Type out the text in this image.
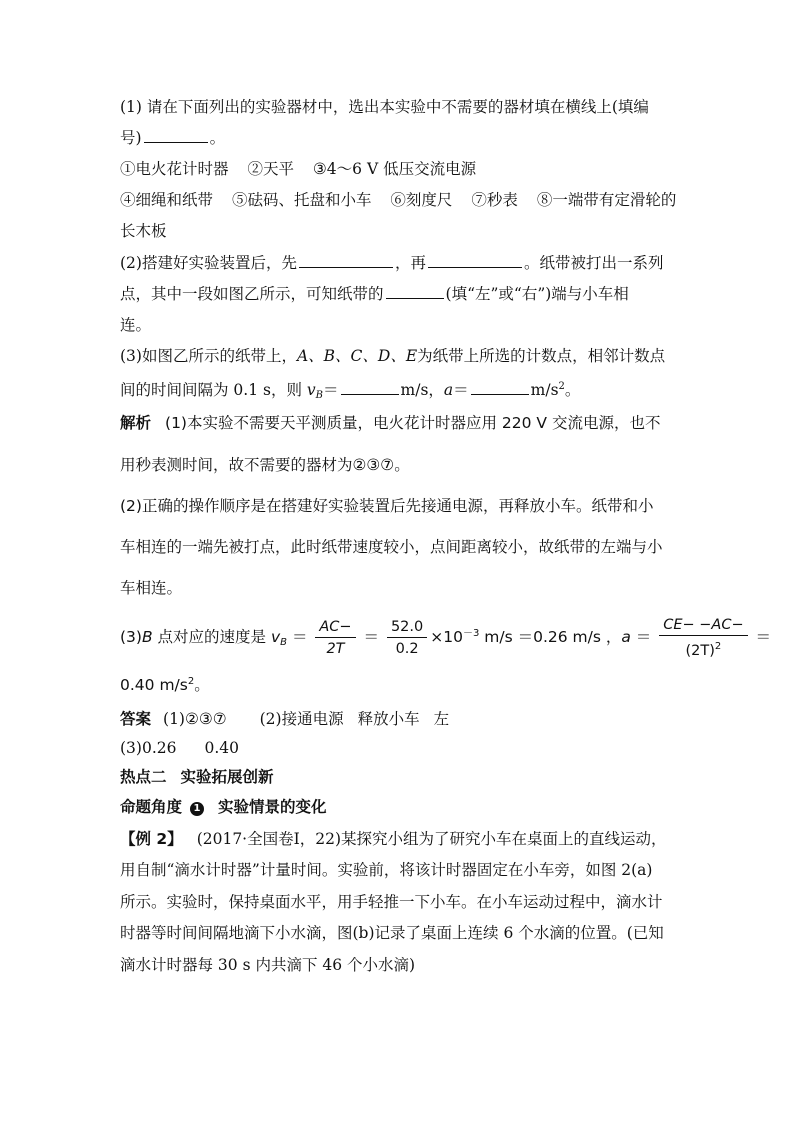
(1) 请在下面列出的实验器材中，选出本实验中不需要的器材填在横线上(填编
号)	。
①电火花计时器 ②天平 ③4～6 V 低压交流电源
④细绳和纸带 ⑤砝码、托盘和小车 ⑥刻度尺 ⑦秒表 ⑧一端带有定滑轮的
长木板
(2)搭建好实验装置后，先	，再	。纸带被打出一系列
点，其中一段如图乙所示，可知纸带的	(填“左”或“右”)端与小车相
连。
(3)如图乙所示的纸带上，A、B、C、D、E为纸带上所选的计数点，相邻计数点
间的时间间隔为 0.1 s，则 $v_B=$	m/s，a＝	$m/s^2$。
解析 (1)本实验不需要天平测质量，电火花计时器应用 220 V 交流电源，也不
用秒表测时间，故不需要的器材为②③⑦。
(2)正确的操作顺序是在搭建好实验装置后先接通电源，再释放小车。纸带和小
车相连的一端先被打点，此时纸带速度较小，点间距离较小，故纸带的左端与小
车相连。
(3)B 点对应的速度是 $v_B = \frac{AC-}{2T} = \frac{52.0}{0.2} \times 10^{-3}$ m/s ＝0.26 m/s ，$a = \frac{CE- -AC-}{(2T)^2}$ ＝
0.40 $m/s^2$。
答案 (1)②③⑦ (2)接通电源 释放小车 左
(3)0.26 0.40
热点二 实验拓展创新
命题角度 1 实验情景的变化
【例 2】 (2017·全国卷Ⅰ，22)某探究小组为了研究小车在桌面上的直线运动，
用自制“滴水计时器”计量时间。实验前，将该计时器固定在小车旁，如图 2(a)
所示。实验时，保持桌面水平，用手轻推一下小车。在小车运动过程中，滴水计
时器等时间间隔地滴下小水滴，图(b)记录了桌面上连续 6 个水滴的位置。(已知
滴水计时器每 30 s 内共滴下 46 个小水滴)
